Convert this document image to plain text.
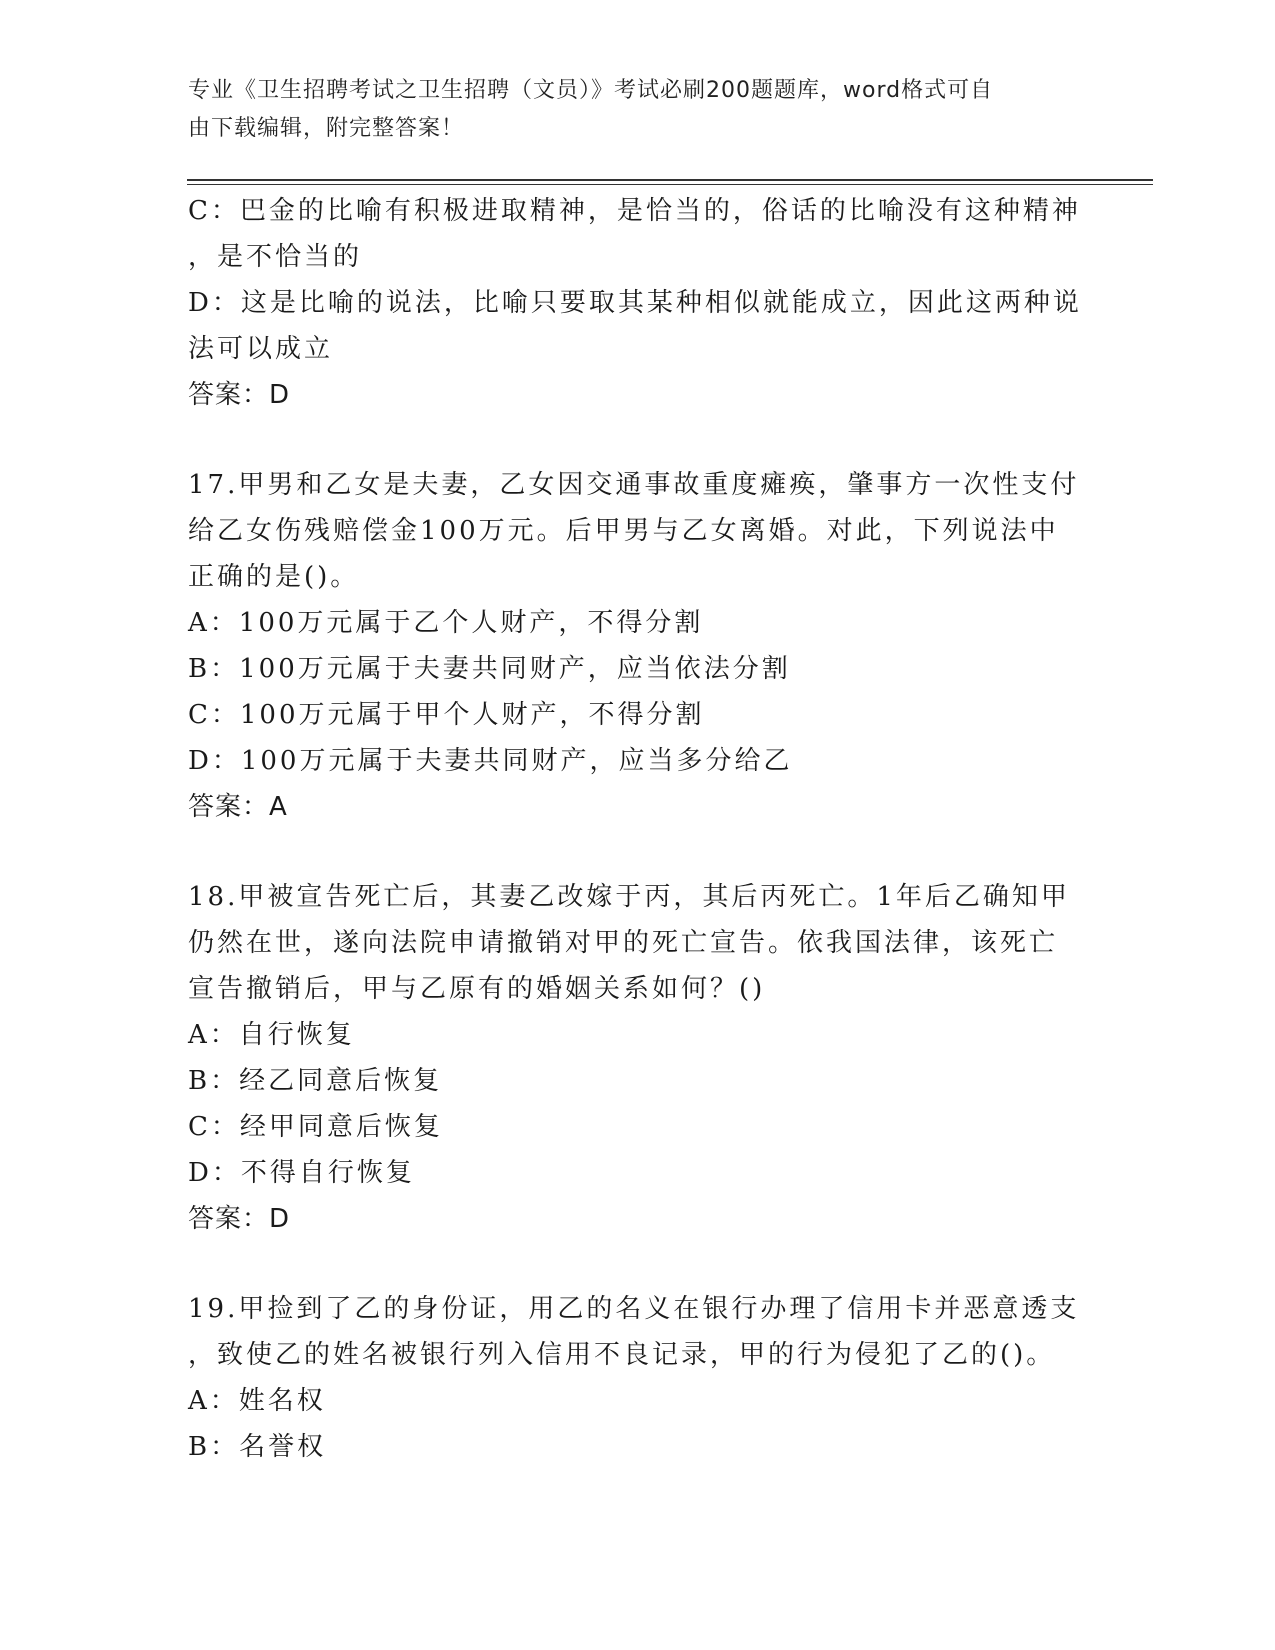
专业《卫生招聘考试之卫生招聘（文员）》考试必刷200题题库，word格式可自
由下载编辑，附完整答案！
C：巴金的比喻有积极进取精神，是恰当的，俗话的比喻没有这种精神
，是不恰当的
D：这是比喻的说法，比喻只要取其某种相似就能成立，因此这两种说
法可以成立
答案：D
17.甲男和乙女是夫妻，乙女因交通事故重度瘫痪，肇事方一次性支付
给乙女伤残赔偿金100万元。后甲男与乙女离婚。对此，下列说法中
正确的是()。
A：100万元属于乙个人财产，不得分割
B：100万元属于夫妻共同财产，应当依法分割
C：100万元属于甲个人财产，不得分割
D：100万元属于夫妻共同财产，应当多分给乙
答案：A
18.甲被宣告死亡后，其妻乙改嫁于丙，其后丙死亡。1年后乙确知甲
仍然在世，遂向法院申请撤销对甲的死亡宣告。依我国法律，该死亡
宣告撤销后，甲与乙原有的婚姻关系如何？()
A：自行恢复
B：经乙同意后恢复
C：经甲同意后恢复
D：不得自行恢复
答案：D
19.甲捡到了乙的身份证，用乙的名义在银行办理了信用卡并恶意透支
，致使乙的姓名被银行列入信用不良记录，甲的行为侵犯了乙的()。
A：姓名权
B：名誉权
